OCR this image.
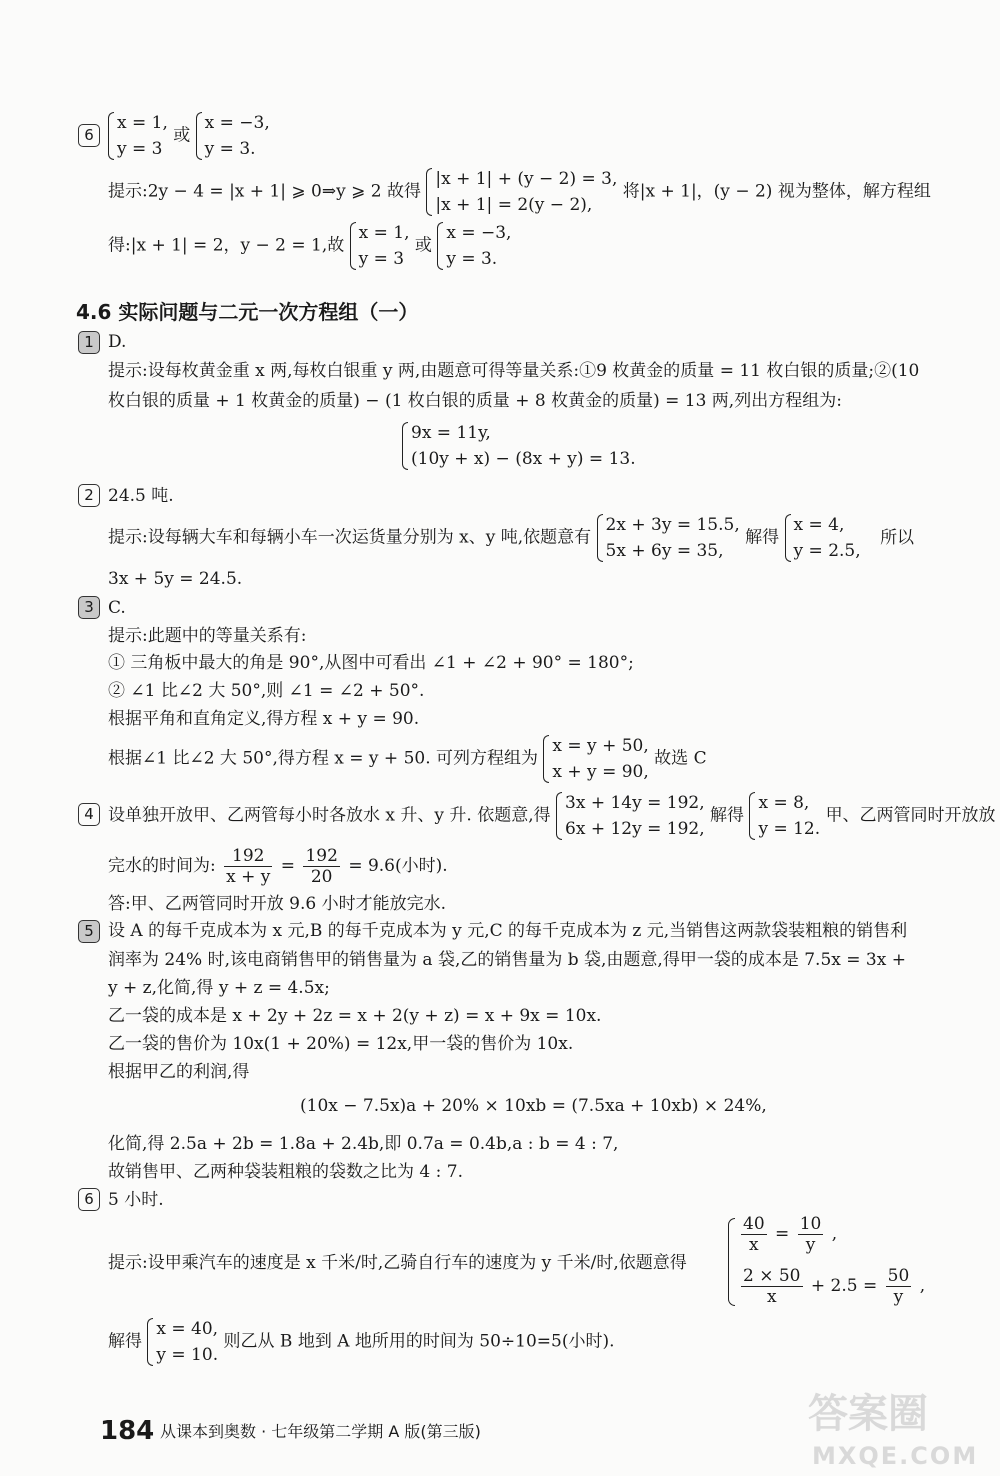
6
x = 1,
y = 3
或
x = −3,
y = 3.
提示:2y − 4 = |x + 1| ⩾ 0⇒y ⩾ 2 故得
|x + 1| + (y − 2) = 3,
|x + 1| = 2(y − 2),
将|x + 1|，(y − 2) 视为整体，解方程组
得:|x + 1| = 2，y − 2 = 1,故
x = 1,
y = 3
或
x = −3,
y = 3.
4.6 实际问题与二元一次方程组（一）
1 D.
提示:设每枚黄金重 x 两,每枚白银重 y 两,由题意可得等量关系:①9 枚黄金的质量 = 11 枚白银的质量;②(10
枚白银的质量 + 1 枚黄金的质量) − (1 枚白银的质量 + 8 枚黄金的质量) = 13 两,列出方程组为:
9x = 11y,
(10y + x) − (8x + y) = 13.
2 24.5 吨.
提示:设每辆大车和每辆小车一次运货量分别为 x、y 吨,依题意有
2x + 3y = 15.5,
5x + 6y = 35,
解得
x = 4,
y = 2.5,
所以
3x + 5y = 24.5.
3 C.
提示:此题中的等量关系有:
① 三角板中最大的角是 90°,从图中可看出 ∠1 + ∠2 + 90° = 180°;
② ∠1 比∠2 大 50°,则 ∠1 = ∠2 + 50°.
根据平角和直角定义,得方程 x + y = 90.
根据∠1 比∠2 大 50°,得方程 x = y + 50. 可列方程组为
x = y + 50,
x + y = 90,
故选 C
4 设单独开放甲、乙两管每小时各放水 x 升、y 升. 依题意,得
3x + 14y = 192,
6x + 12y = 192,
解得
x = 8,
y = 12.
甲、乙两管同时开放放
完水的时间为: $\frac{192}{x + y} = \frac{192}{20} = 9.6$(小时).
答:甲、乙两管同时开放 9.6 小时才能放完水.
5 设 A 的每千克成本为 x 元,B 的每千克成本为 y 元,C 的每千克成本为 z 元,当销售这两款袋装粗粮的销售利
润率为 24% 时,该电商销售甲的销售量为 a 袋,乙的销售量为 b 袋,由题意,得甲一袋的成本是 7.5x = 3x +
y + z,化简,得 y + z = 4.5x;
乙一袋的成本是 x + 2y + 2z = x + 2(y + z) = x + 9x = 10x.
乙一袋的售价为 10x(1 + 20%) = 12x,甲一袋的售价为 10x.
根据甲乙的利润,得
(10x − 7.5x)a + 20% × 10xb = (7.5xa + 10xb) × 24%,
化简,得 2.5a + 2b = 1.8a + 2.4b,即 0.7a = 0.4b,a : b = 4 : 7,
故销售甲、乙两种袋装粗粮的袋数之比为 4 : 7.
6 5 小时.
提示:设甲乘汽车的速度是 x 千米/时,乙骑自行车的速度为 y 千米/时,依题意得
$\frac{40}{x} = \frac{10}{y}$ ,
$\frac{2 \times 50}{x} + 2.5 = \frac{50}{y}$ ,
解得
x = 40,
y = 10.
则乙从 B 地到 A 地所用的时间为 50÷10=5(小时).
184 从课本到奥数 · 七年级第二学期 A 版(第三版)	答案圈
MXQE.COM
